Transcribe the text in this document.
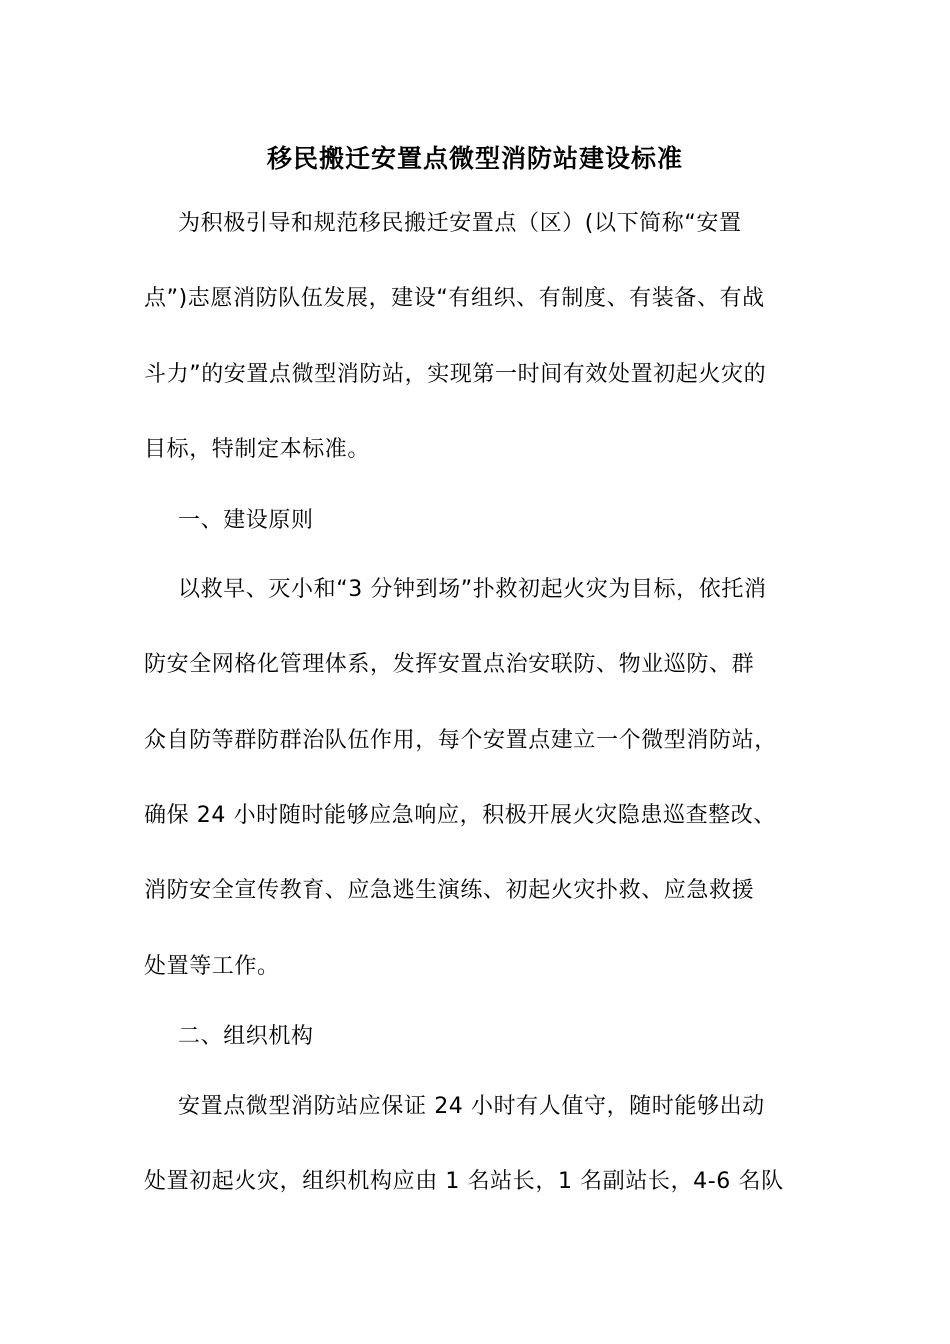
移民搬迁安置点微型消防站建设标准
为积极引导和规范移民搬迁安置点（区）(以下简称“安置
点”)志愿消防队伍发展，建设“有组织、有制度、有装备、有战
斗力”的安置点微型消防站，实现第一时间有效处置初起火灾的
目标，特制定本标准。
一、建设原则
以救早、灭小和“3 分钟到场”扑救初起火灾为目标，依托消
防安全网格化管理体系，发挥安置点治安联防、物业巡防、群
众自防等群防群治队伍作用，每个安置点建立一个微型消防站，
确保 24 小时随时能够应急响应，积极开展火灾隐患巡查整改、
消防安全宣传教育、应急逃生演练、初起火灾扑救、应急救援
处置等工作。
二、组织机构
安置点微型消防站应保证 24 小时有人值守，随时能够出动
处置初起火灾，组织机构应由 1 名站长，1 名副站长，4-6 名队
